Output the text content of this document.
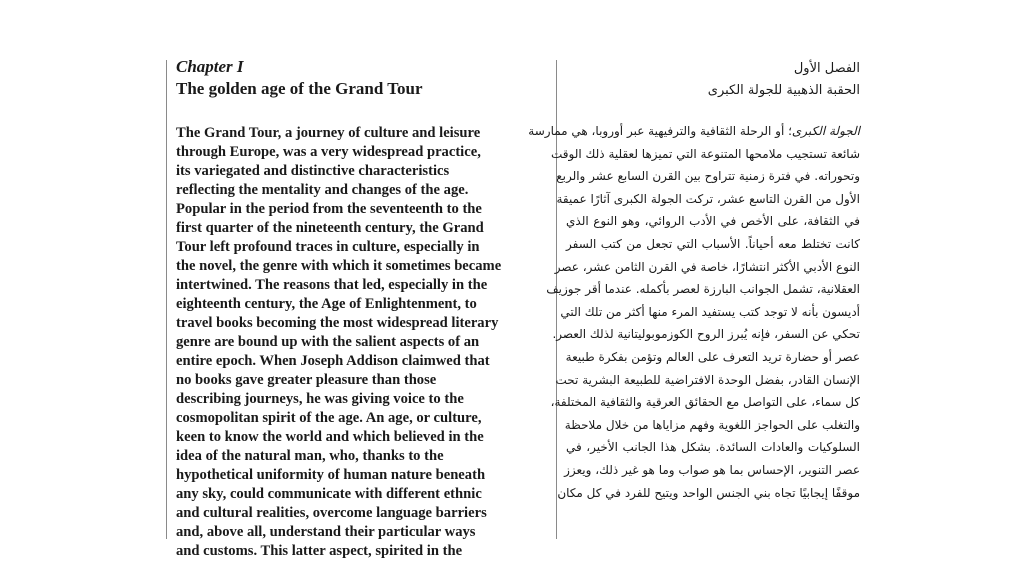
Chapter I

The golden age of the Grand Tour

The Grand Tour, a journey of culture and leisure
through Europe, was a very widespread practice,
its variegated and distinctive characteristics
reflecting the mentality and changes of the age.
Popular in the period from the seventeenth to the
first quarter of the nineteenth century, the Grand
Tour left profound traces in culture, especially in
the novel, the genre with which it sometimes became
intertwined. The reasons that led, especially in the
eighteenth century, the Age of Enlightenment, to
travel books becoming the most widespread literary
genre are bound up with the salient aspects of an
entire epoch. When Joseph Addison claimwed that
no books gave greater pleasure than those
describing journeys, he was giving voice to the
cosmopolitan spirit of the age. An age, or culture,
keen to know the world and which believed in the
idea of the natural man, who, thanks to the
hypothetical uniformity of human nature beneath
any sky, could communicate with different ethnic
and cultural realities, overcome language barriers
and, above all, understand their particular ways
and customs. This latter aspect, spirited in the

الفصل الأول

الحقبة الذهبية للجولة الكبرى

الجولة الكبرى؛ أو الرحلة الثقافية والترفيهية عبر أوروبا، هي ممارسة
شائعة تستجيب ملامحها المتنوعة التي تميزها لعقلية ذلك الوقت
وتحوراته. في فترة زمنية تتراوح بين القرن السابع عشر والربع
الأول من القرن التاسع عشر، تركت الجولة الكبرى آثارًا عميقة
في الثقافة، على الأخص في الأدب الروائي، وهو النوع الذي
كانت تختلط معه أحياناً. الأسباب التي تجعل من كتب السفر
النوع الأدبي الأكثر انتشارًا، خاصة في القرن الثامن عشر، عصر
العقلانية، تشمل الجوانب البارزة لعصر بأكمله. عندما أقر جوزيف
أديسون بأنه لا توجد كتب يستفيد المرء منها أكثر من تلك التي
تحكي عن السفر، فإنه يُبرز الروح الكوزموبوليتانية لذلك العصر.
عصر أو حضارة تريد التعرف على العالم وتؤمن بفكرة طبيعة
الإنسان القادر، بفضل الوحدة الافتراضية للطبيعة البشرية تحت
كل سماء، على التواصل مع الحقائق العرقية والثقافية المختلفة،
والتغلب على الحواجز اللغوية وفهم مزاياها من خلال ملاحظة
السلوكيات والعادات السائدة. بشكل هذا الجانب الأخير، في
عصر التنوير، الإحساس بما هو صواب وما هو غير ذلك، ويعزز
موقفًا إيجابيًا تجاه بني الجنس الواحد ويتيح للفرد في كل مكان
